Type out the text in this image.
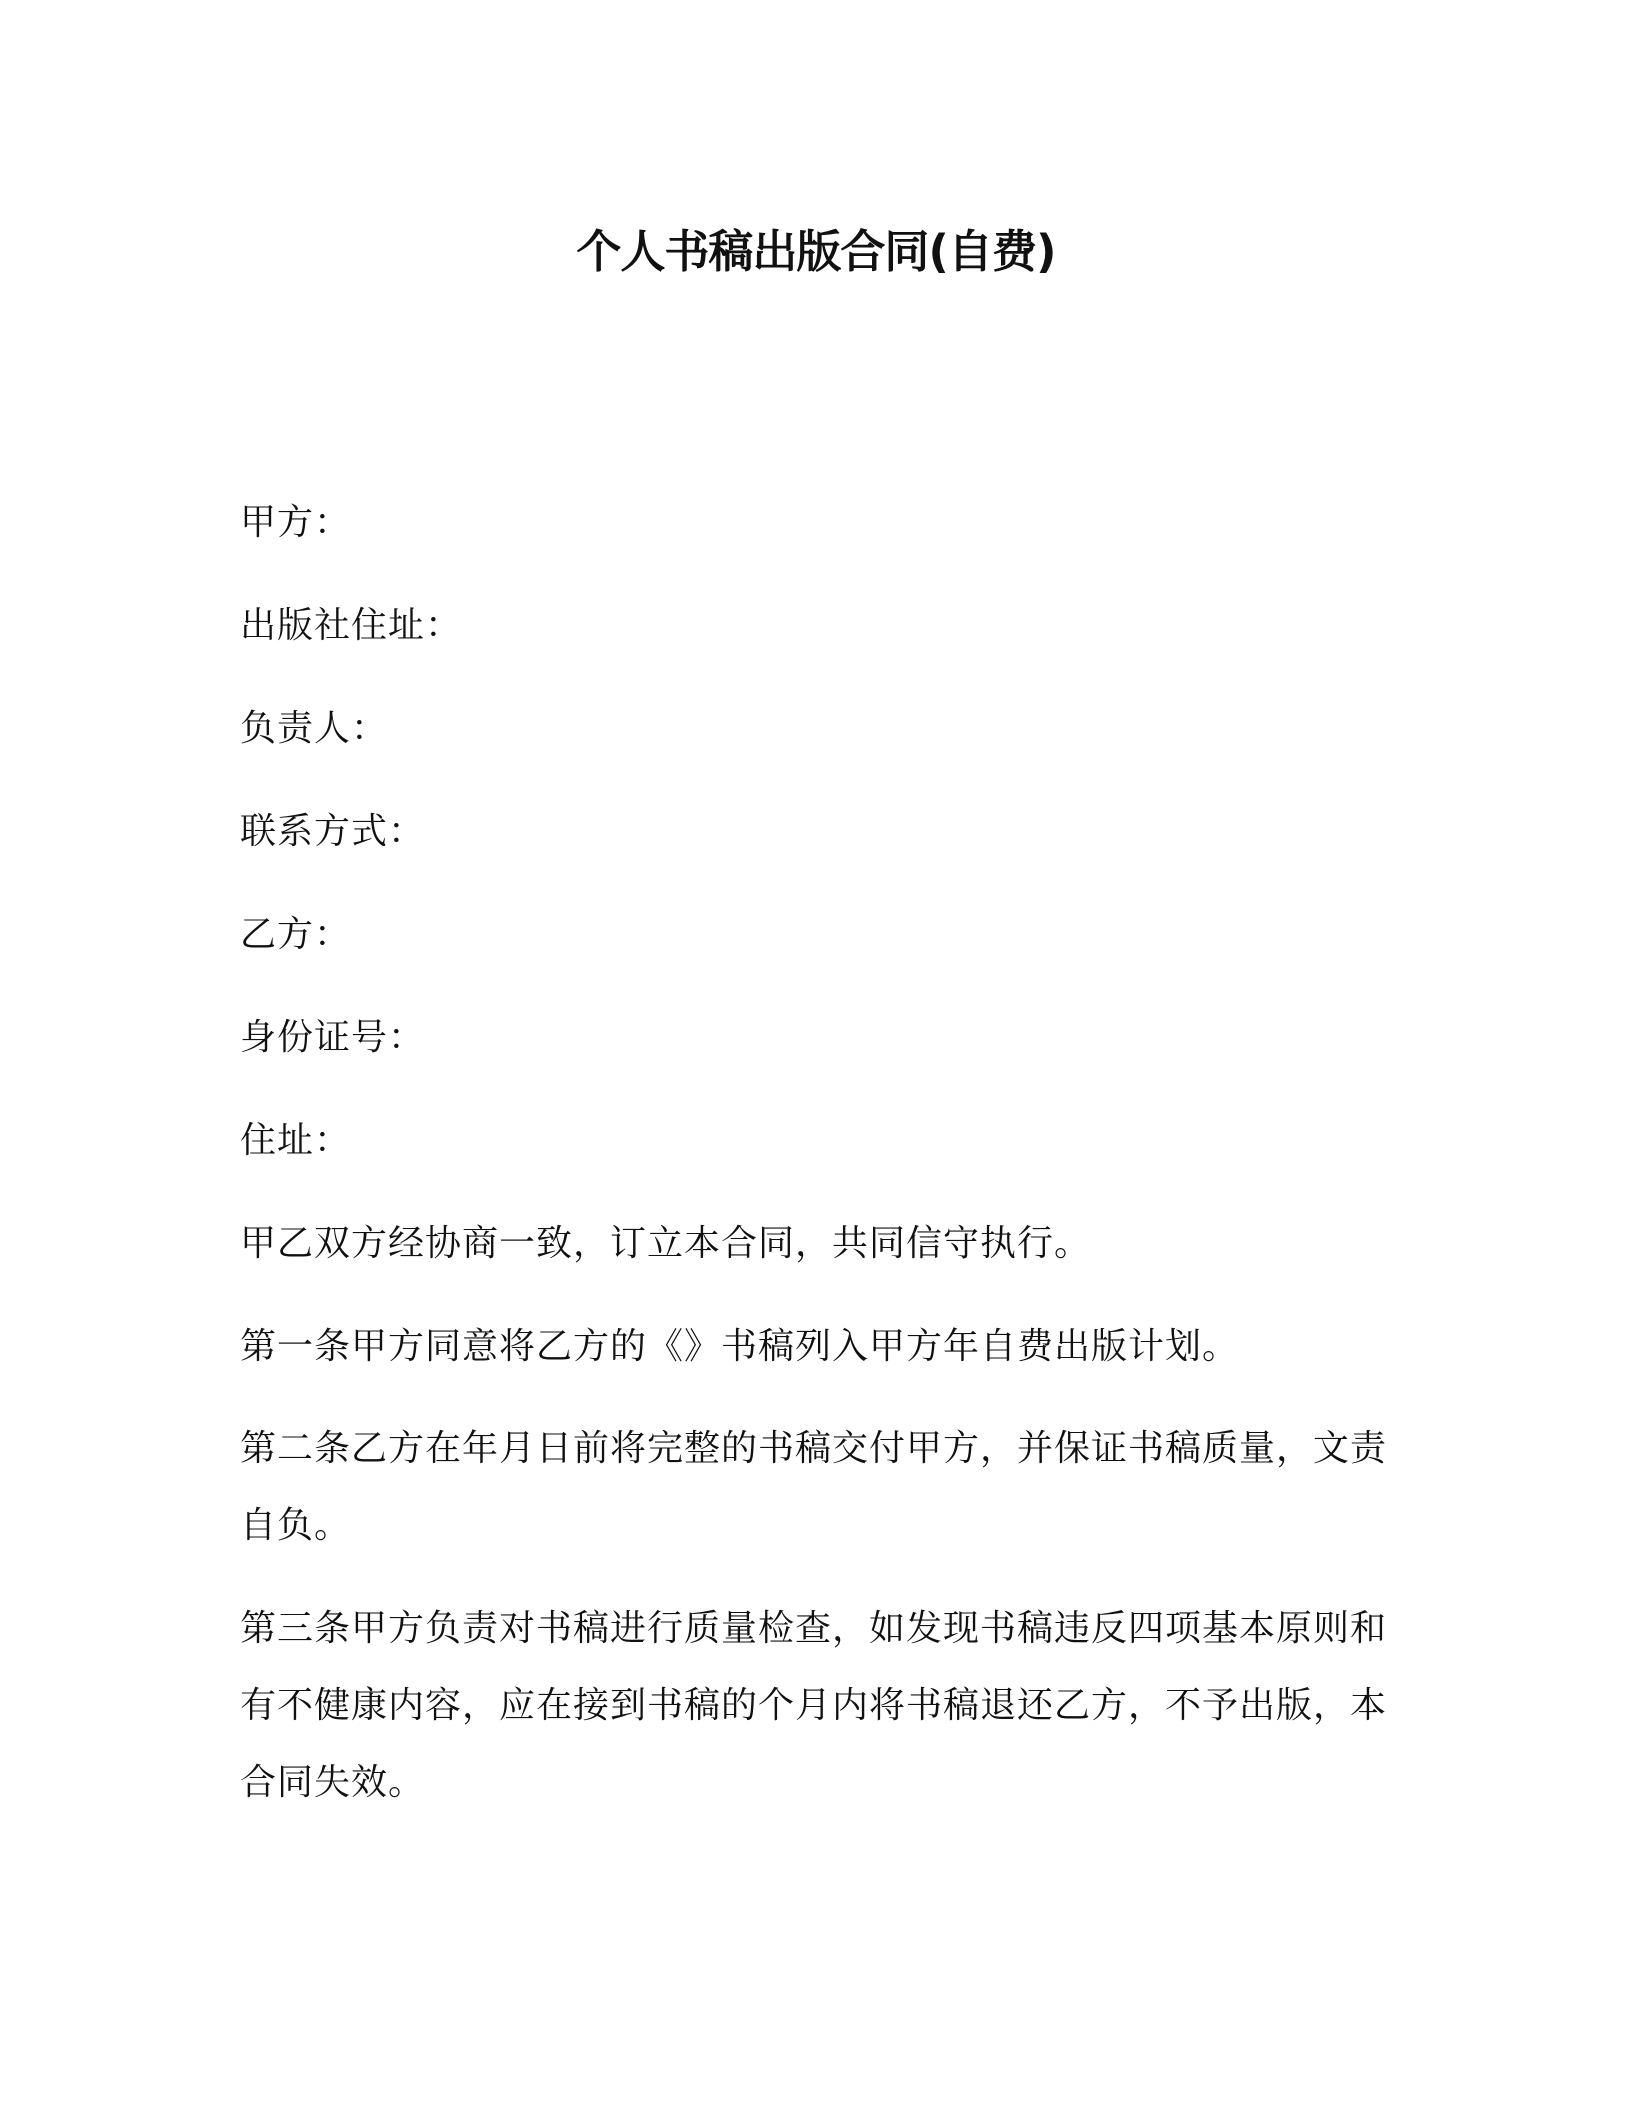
个人书稿出版合同(自费)
甲方：
出版社住址：
负责人：
联系方式：
乙方：
身份证号：
住址：
甲乙双方经协商一致，订立本合同，共同信守执行。
第一条甲方同意将乙方的《》书稿列入甲方年自费出版计划。
第二条乙方在年月日前将完整的书稿交付甲方，并保证书稿质量，文责自负。
第三条甲方负责对书稿进行质量检查，如发现书稿违反四项基本原则和有不健康内容，应在接到书稿的个月内将书稿退还乙方，不予出版，本合同失效。
